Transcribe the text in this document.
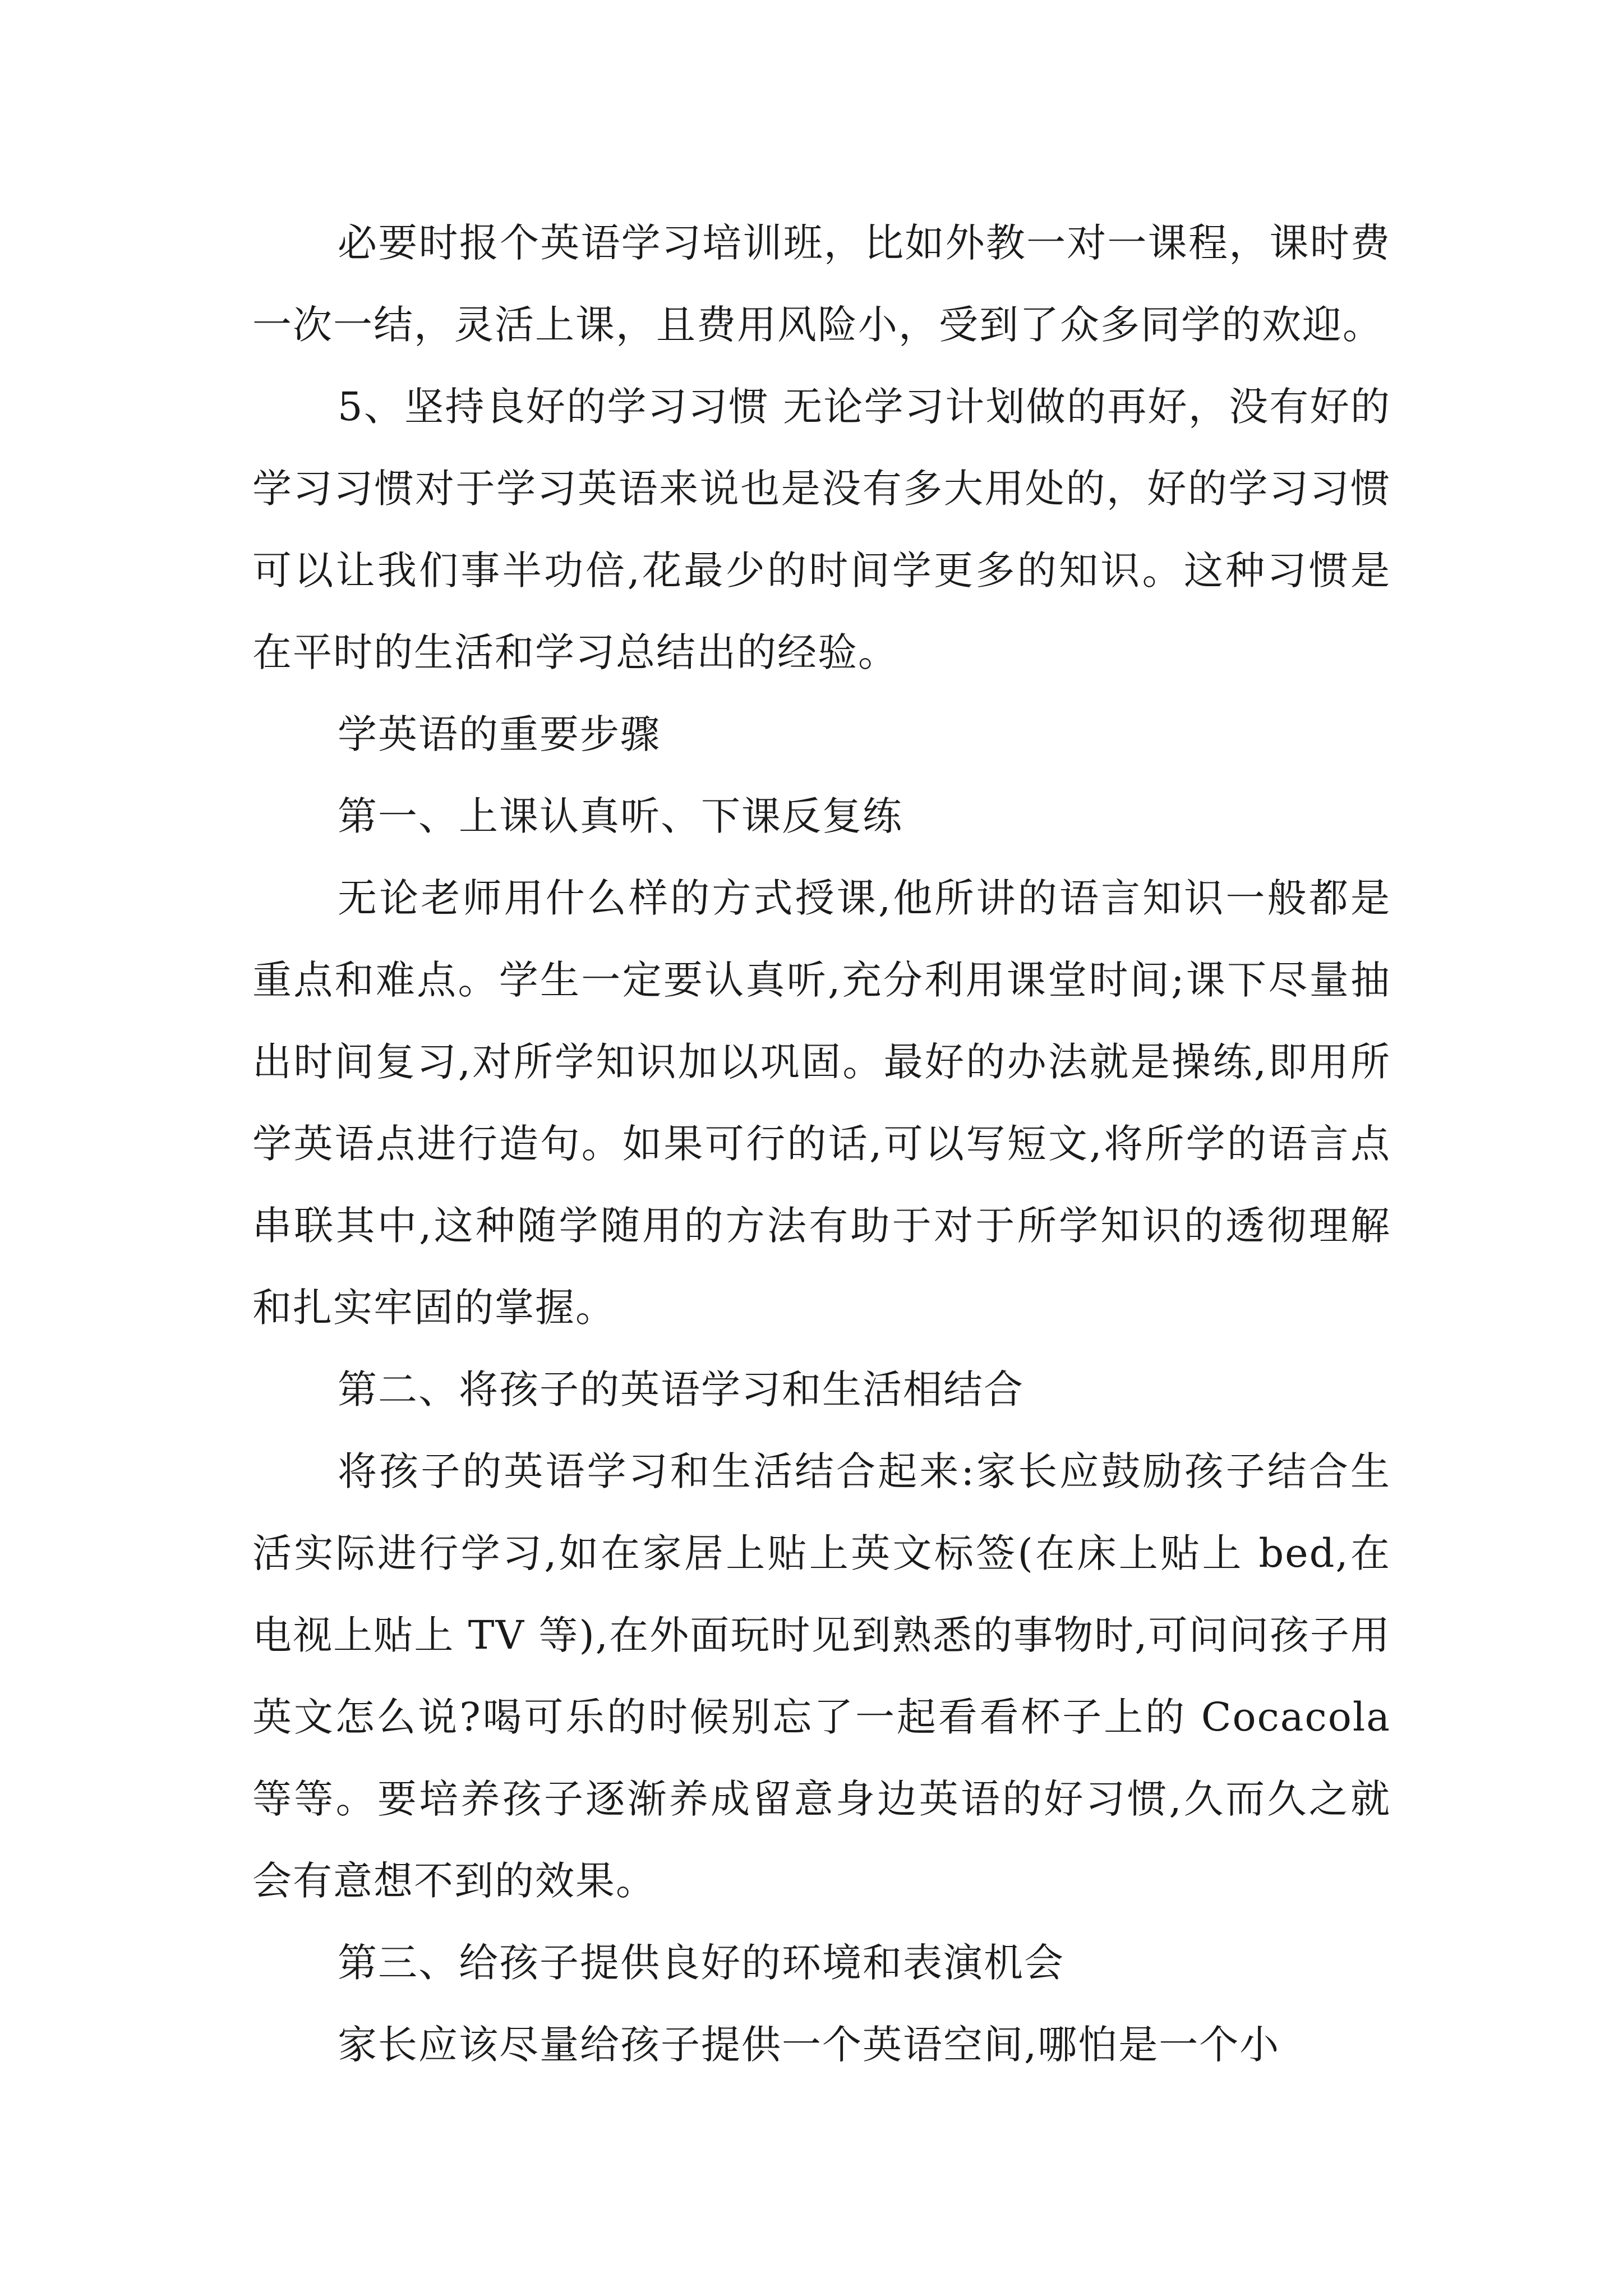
必要时报个英语学习培训班，比如外教一对一课程，课时费一次一结，灵活上课，且费用风险小，受到了众多同学的欢迎。

5、坚持良好的学习习惯 无论学习计划做的再好，没有好的学习习惯对于学习英语来说也是没有多大用处的，好的学习习惯可以让我们事半功倍,花最少的时间学更多的知识。这种习惯是在平时的生活和学习总结出的经验。

学英语的重要步骤

第一、上课认真听、下课反复练

无论老师用什么样的方式授课,他所讲的语言知识一般都是重点和难点。学生一定要认真听,充分利用课堂时间;课下尽量抽出时间复习,对所学知识加以巩固。最好的办法就是操练,即用所学英语点进行造句。如果可行的话,可以写短文,将所学的语言点串联其中,这种随学随用的方法有助于对于所学知识的透彻理解和扎实牢固的掌握。

第二、将孩子的英语学习和生活相结合

将孩子的英语学习和生活结合起来:家长应鼓励孩子结合生活实际进行学习,如在家居上贴上英文标签(在床上贴上 bed,在电视上贴上 TV 等),在外面玩时见到熟悉的事物时,可问问孩子用英文怎么说?喝可乐的时候别忘了一起看看杯子上的 Cocacola 等等。要培养孩子逐渐养成留意身边英语的好习惯,久而久之就会有意想不到的效果。

第三、给孩子提供良好的环境和表演机会

家长应该尽量给孩子提供一个英语空间,哪怕是一个小
